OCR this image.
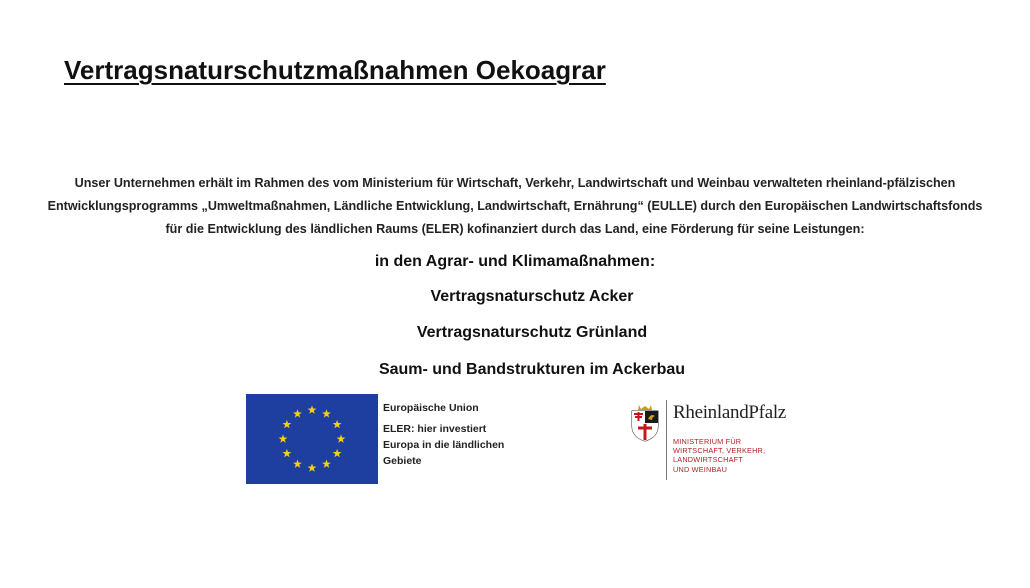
Vertragsnaturschutzmaßnahmen Oekoagrar

Unser Unternehmen erhält im Rahmen des vom Ministerium für Wirtschaft, Verkehr, Landwirtschaft und Weinbau verwalteten rheinland-pfälzischen
Entwicklungsprogramms „Umweltmaßnahmen, Ländliche Entwicklung, Landwirtschaft, Ernährung“ (EULLE) durch den Europäischen Landwirtschaftsfonds
für die Entwicklung des ländlichen Raums (ELER) kofinanziert durch das Land, eine Förderung für seine Leistungen:

in den Agrar- und Klimamaßnahmen:

Vertragsnaturschutz Acker

Vertragsnaturschutz Grünland

Saum- und Bandstrukturen im Ackerbau

Europäische Union
ELER: hier investiert
Europa in die ländlichen
Gebiete
RheinlandPfalz
MINISTERIUM FÜR
WIRTSCHAFT, VERKEHR,
LANDWIRTSCHAFT
UND WEINBAU
